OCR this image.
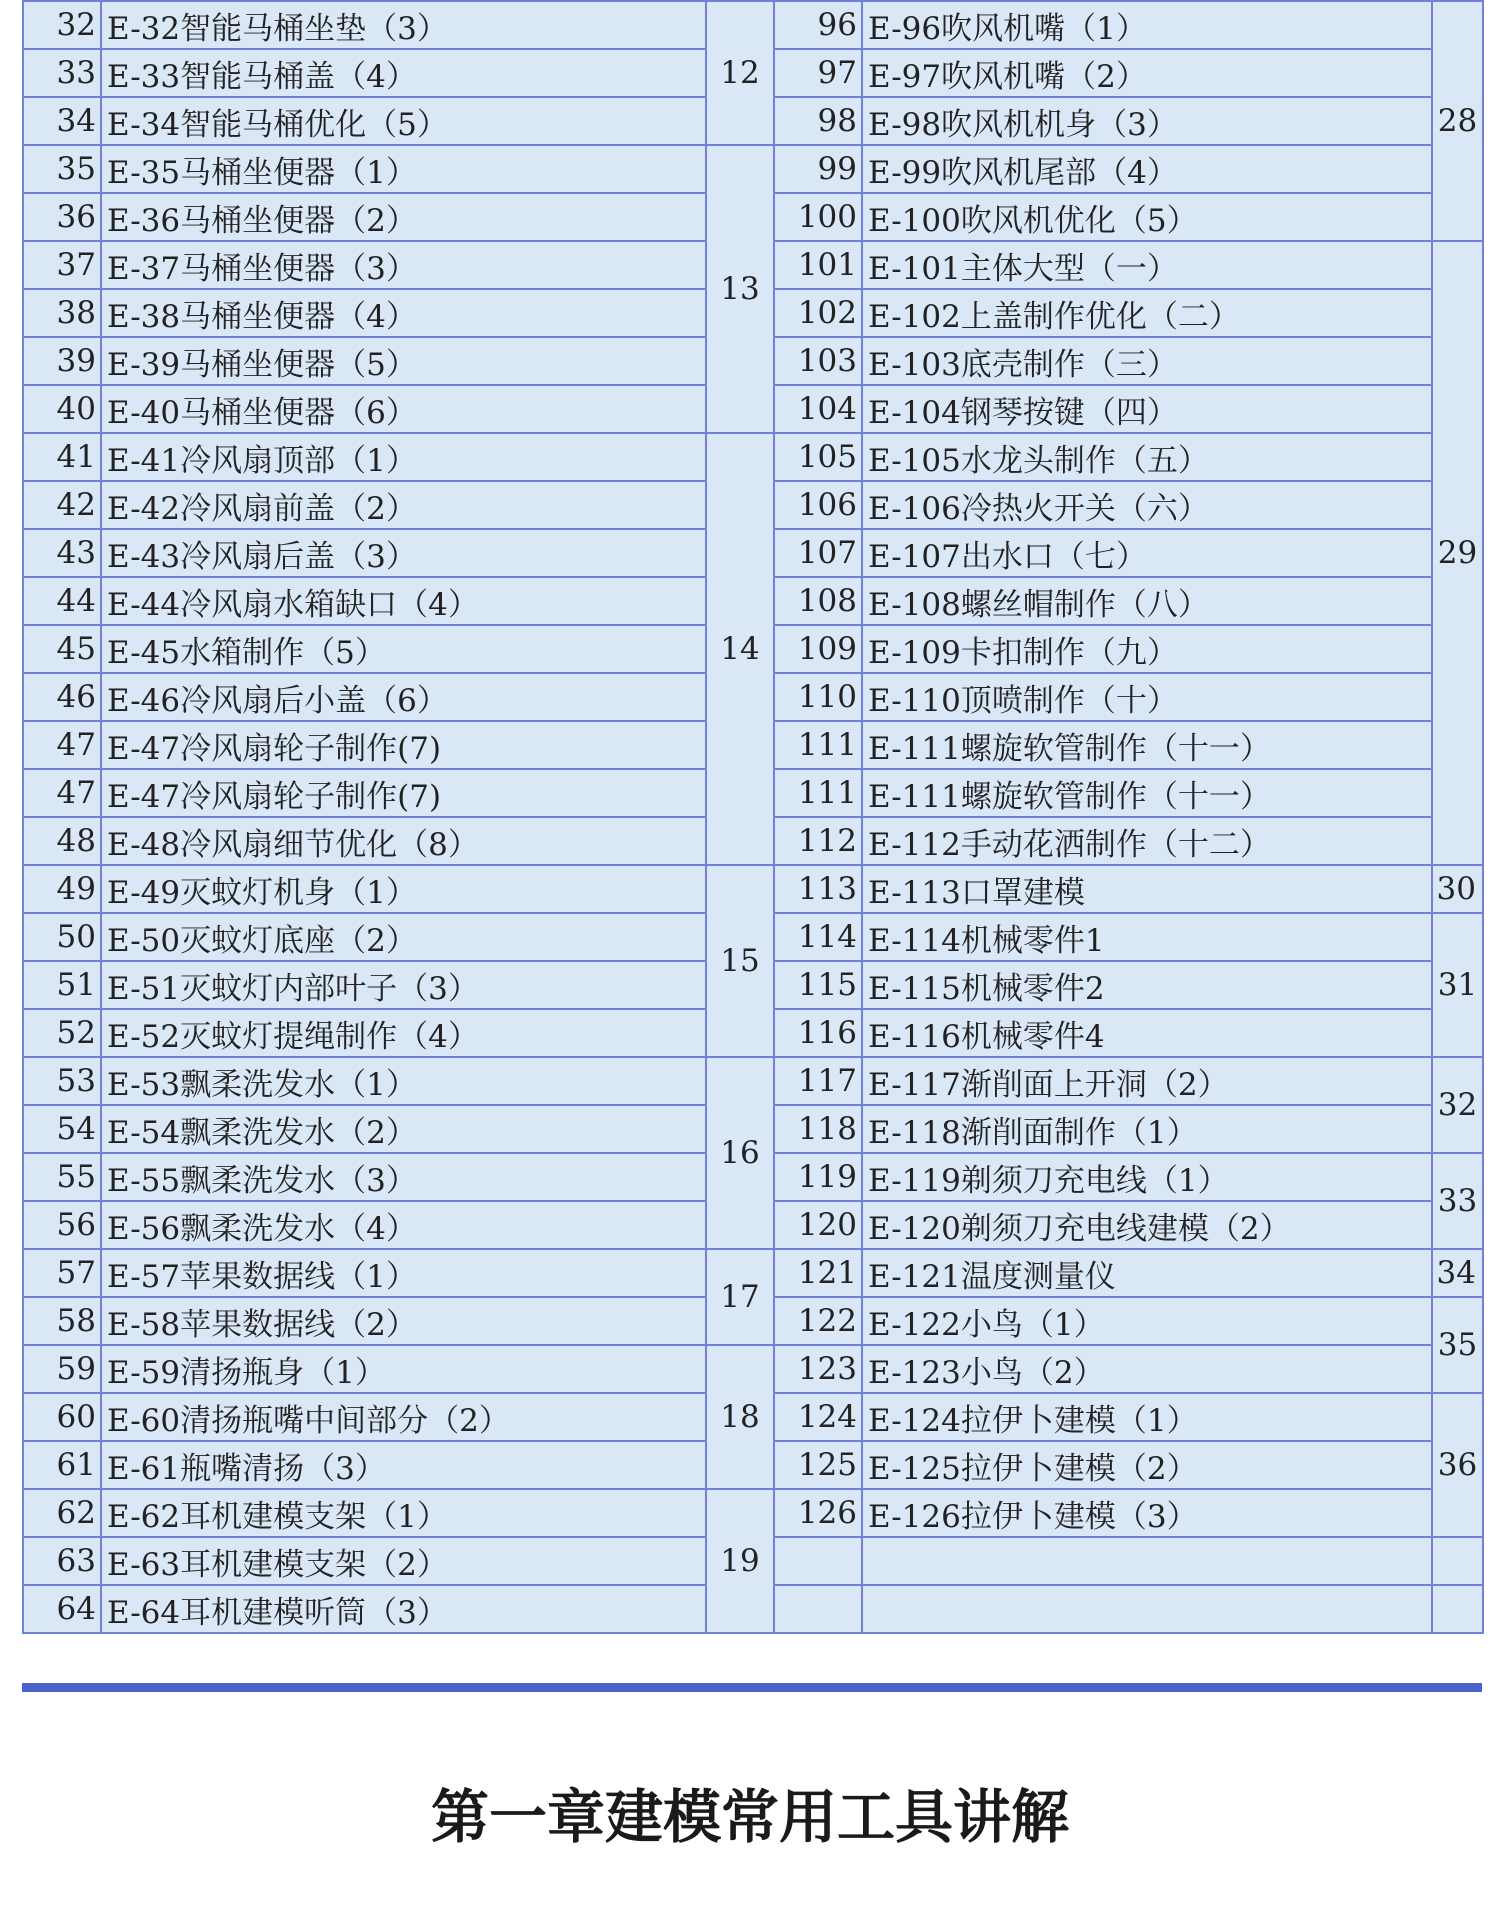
32	E-32智能马桶坐垫（3）	12	96	E-96吹风机嘴（1）	28
33	E-33智能马桶盖（4）		97	E-97吹风机嘴（2）	
34	E-34智能马桶优化（5）		98	E-98吹风机机身（3）	
35	E-35马桶坐便器（1）	13	99	E-99吹风机尾部（4）	
36	E-36马桶坐便器（2）		100	E-100吹风机优化（5）	
37	E-37马桶坐便器（3）		101	E-101主体大型（一）	29
38	E-38马桶坐便器（4）		102	E-102上盖制作优化（二）	
39	E-39马桶坐便器（5）		103	E-103底壳制作（三）	
40	E-40马桶坐便器（6）		104	E-104钢琴按键（四）	
41	E-41冷风扇顶部（1）	14	105	E-105水龙头制作（五）	
42	E-42冷风扇前盖（2）		106	E-106冷热火开关（六）	
43	E-43冷风扇后盖（3）		107	E-107出水口（七）	
44	E-44冷风扇水箱缺口（4）		108	E-108螺丝帽制作（八）	
45	E-45水箱制作（5）		109	E-109卡扣制作（九）	
46	E-46冷风扇后小盖（6）		110	E-110顶喷制作（十）	
47	E-47冷风扇轮子制作(7)		111	E-111螺旋软管制作（十一）	
47	E-47冷风扇轮子制作(7)		111	E-111螺旋软管制作（十一）	
48	E-48冷风扇细节优化（8）		112	E-112手动花洒制作（十二）	
49	E-49灭蚊灯机身（1）	15	113	E-113口罩建模	30
50	E-50灭蚊灯底座（2）		114	E-114机械零件1	31
51	E-51灭蚊灯内部叶子（3）		115	E-115机械零件2	
52	E-52灭蚊灯提绳制作（4）		116	E-116机械零件4	
53	E-53飘柔洗发水（1）	16	117	E-117渐削面上开洞（2）	32
54	E-54飘柔洗发水（2）		118	E-118渐削面制作（1）	
55	E-55飘柔洗发水（3）		119	E-119剃须刀充电线（1）	33
56	E-56飘柔洗发水（4）		120	E-120剃须刀充电线建模（2）	
57	E-57苹果数据线（1）	17	121	E-121温度测量仪	34
58	E-58苹果数据线（2）		122	E-122小鸟（1）	35
59	E-59清扬瓶身（1）	18	123	E-123小鸟（2）	
60	E-60清扬瓶嘴中间部分（2）		124	E-124拉伊卜建模（1）	36
61	E-61瓶嘴清扬（3）		125	E-125拉伊卜建模（2）	
62	E-62耳机建模支架（1）	19	126	E-126拉伊卜建模（3）	
63	E-63耳机建模支架（2）				
64	E-64耳机建模听筒（3）				
第一章建模常用工具讲解
